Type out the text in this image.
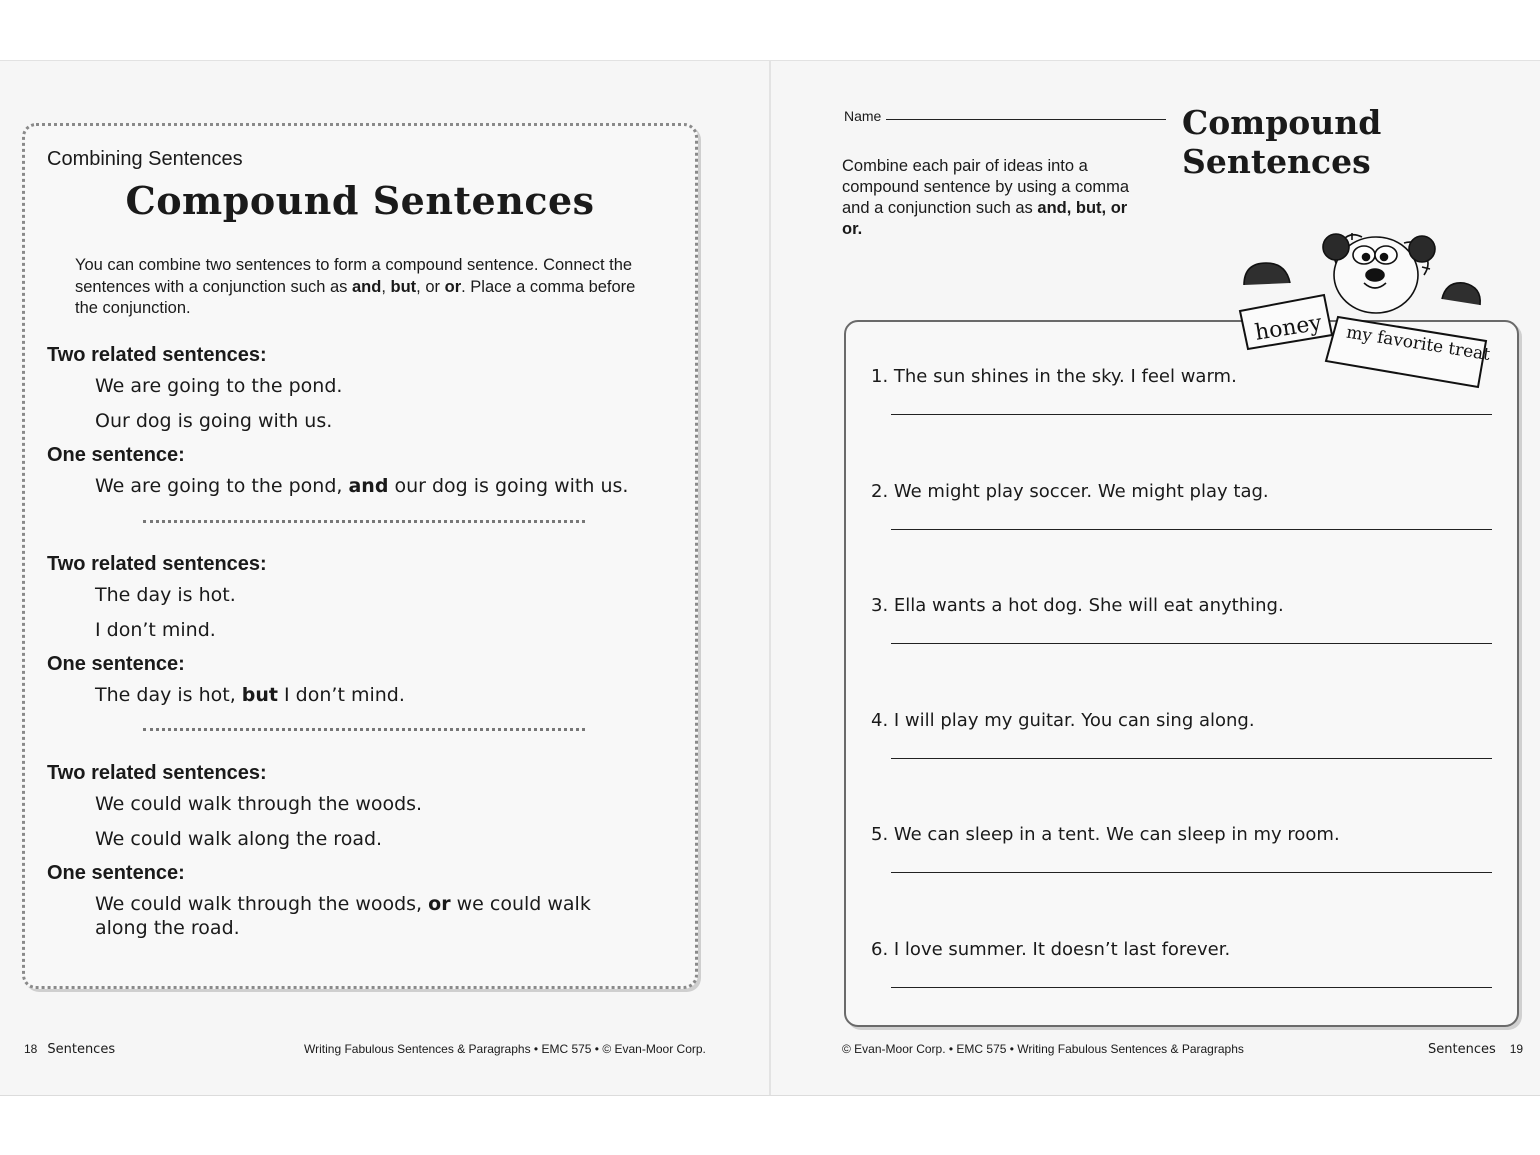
Combining Sentences
Compound Sentences
You can combine two sentences to form a compound sentence. Connect the sentences with a conjunction such as and, but, or or. Place a comma before the conjunction.
Two related sentences:
We are going to the pond.
Our dog is going with us.
One sentence:
We are going to the pond, and our dog is going with us.
Two related sentences:
The day is hot.
I don’t mind.
One sentence:
The day is hot, but I don’t mind.
Two related sentences:
We could walk through the woods.
We could walk along the road.
One sentence:
We could walk through the woods, or we could walk along the road.
18 Sentences	Writing Fabulous Sentences & Paragraphs • EMC 575 • © Evan-Moor Corp.
Name	Compound
Sentences
Combine each pair of ideas into a compound sentence by using a comma and a conjunction such as and, but, or or.
1. The sun shines in the sky. I feel warm.
2. We might play soccer. We might play tag.
3. Ella wants a hot dog. She will eat anything.
4. I will play my guitar. You can sing along.
5. We can sleep in a tent. We can sleep in my room.
6. I love summer. It doesn’t last forever.
honey my favorite treat
© Evan-Moor Corp. • EMC 575 • Writing Fabulous Sentences & Paragraphs	Sentences 19
